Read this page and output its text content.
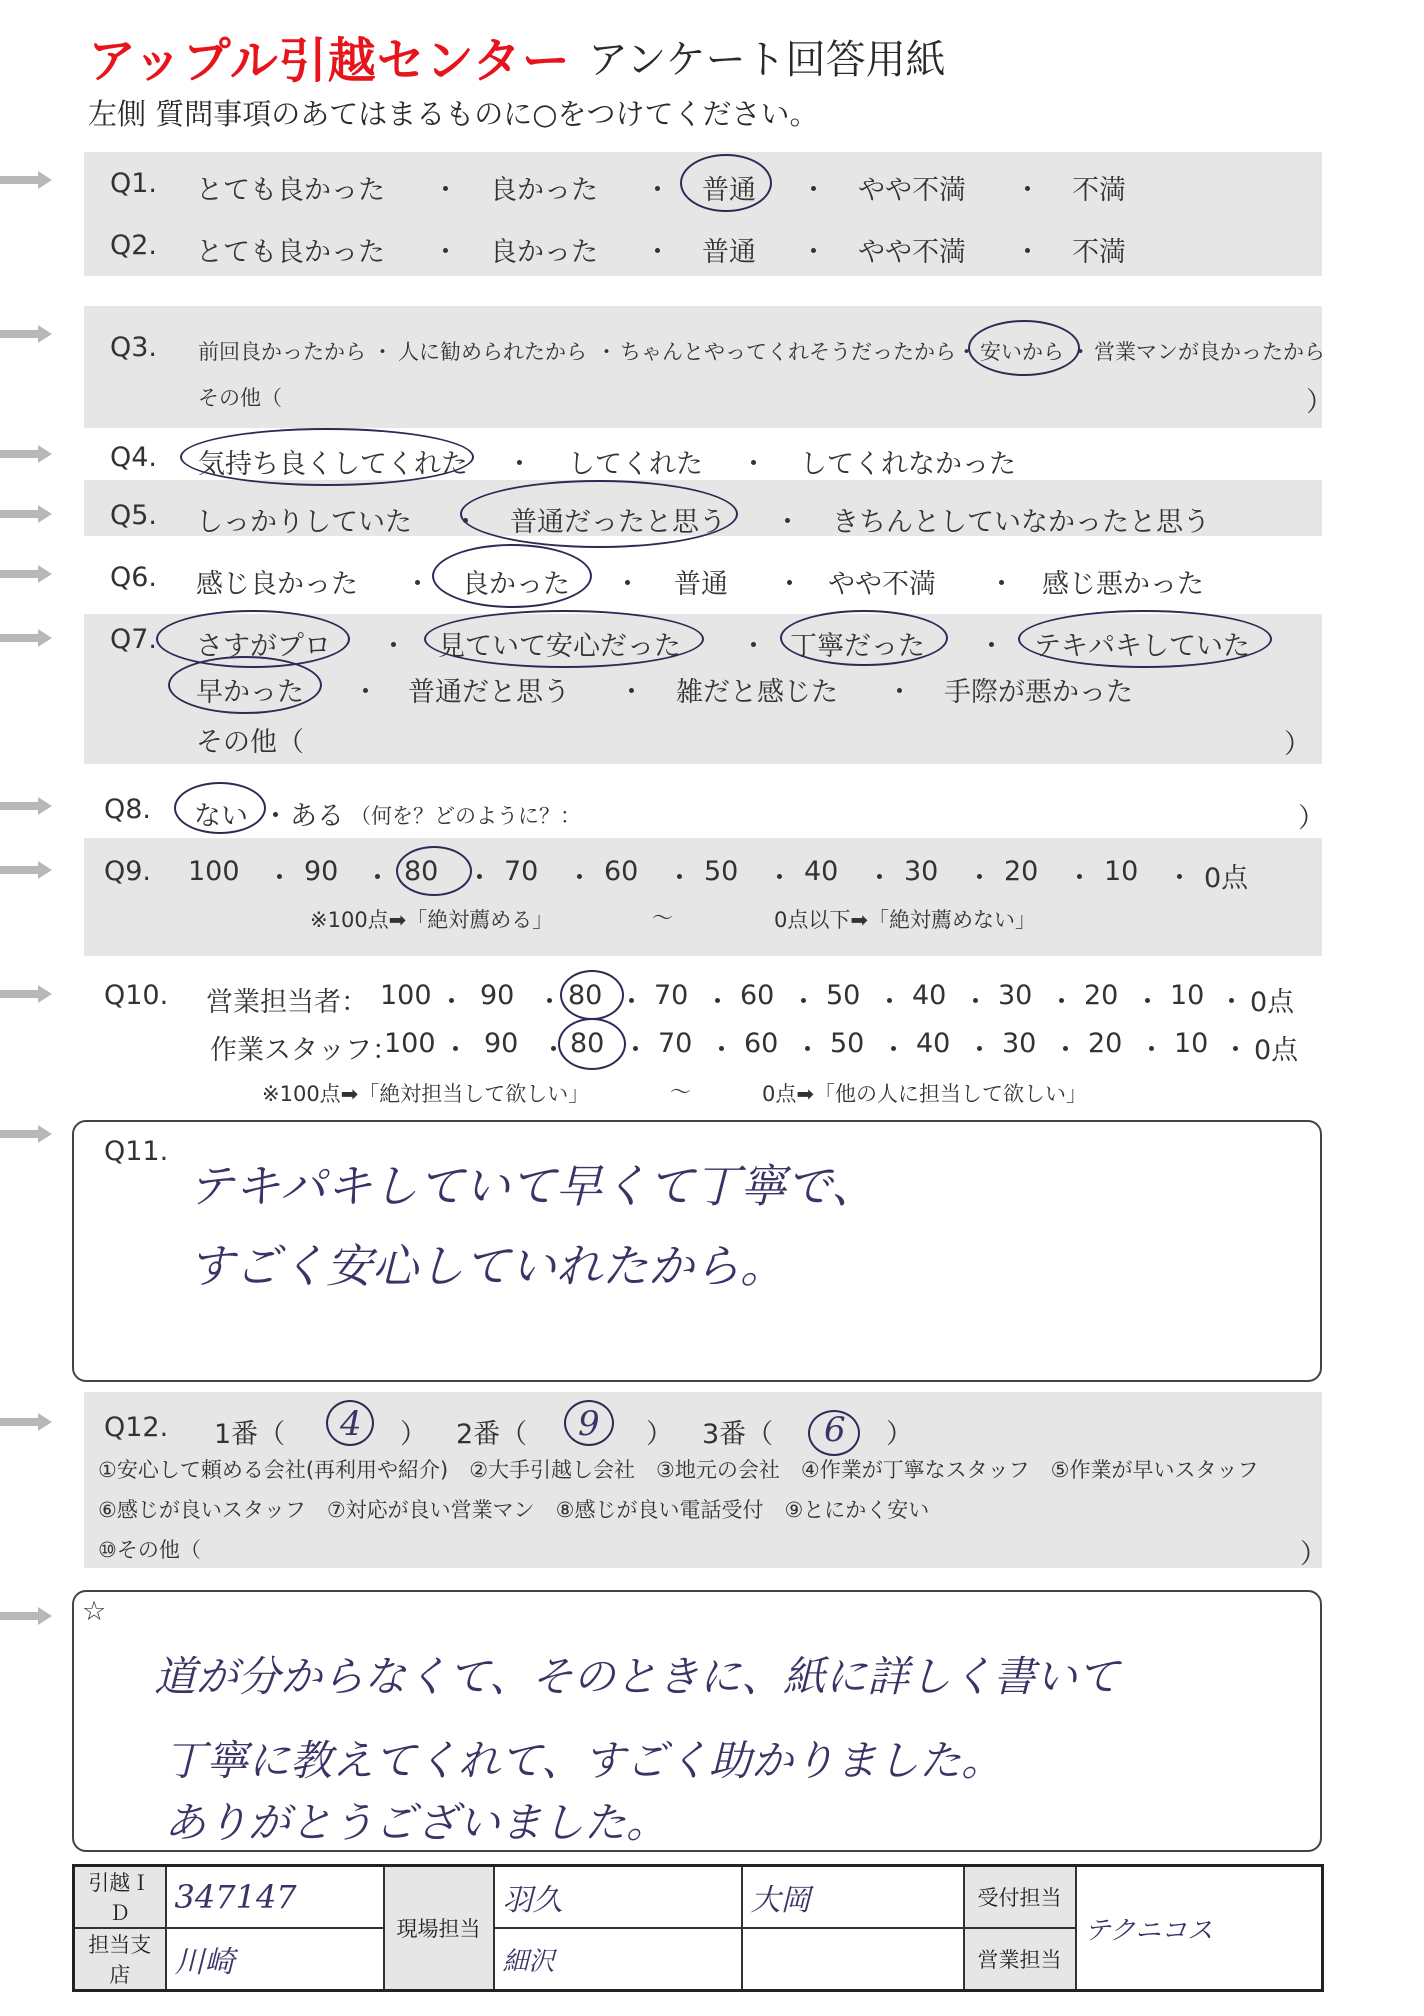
アップル引越センター アンケート回答用紙
左側 質問事項のあてはまるものに○をつけてください。
Q1. とても良かった ・ 良かった ・ 普通 ・ やや不満 ・ 不満
Q2. とても良かった ・ 良かった ・ 普通 ・ やや不満 ・ 不満
Q3. 前回良かったから ・ 人に勧められたから ・ ちゃんとやってくれそうだったから ・ 安いから ・ 営業マンが良かったから
その他（	）
Q4. 気持ち良くしてくれた ・ してくれた ・ してくれなかった
Q5. しっかりしていた ・ 普通だったと思う ・ きちんとしていなかったと思う
Q6. 感じ良かった ・ 良かった ・ 普通 ・ やや不満 ・ 感じ悪かった
Q7. さすがプロ ・ 見ていて安心だった ・ 丁寧だった ・ テキパキしていた
早かった ・ 普通だと思う ・ 雑だと感じた ・ 手際が悪かった
その他（	）
Q8. ない ・ ある （何を？どのように？：	）
Q9. 100 ・ 90 ・ 80 ・ 70 ・ 60 ・ 50 ・ 40 ・ 30 ・ 20 ・ 10 ・ 0点
※100点➡「絶対薦める」	〜	0点以下➡「絶対薦めない」
Q10. 営業担当者：
作業スタッフ：
100 ・ 90 ・ 80 ・ 70 ・ 60 ・ 50 ・ 40 ・ 30 ・ 20 ・ 10 ・ 0点
100 ・ 90 ・ 80 ・ 70 ・ 60 ・ 50 ・ 40 ・ 30 ・ 20 ・ 10 ・ 0点
※100点➡「絶対担当して欲しい」	〜	0点➡「他の人に担当して欲しい」
Q11.
テキパキしていて早くて丁寧で、
すごく安心していれたから。
Q12. 1番（ 4 ） 2番（ 9 ） 3番（ 6 ）
①安心して頼める会社(再利用や紹介)　②大手引越し会社　③地元の会社　④作業が丁寧なスタッフ　⑤作業が早いスタッフ
⑥感じが良いスタッフ　⑦対応が良い営業マン　⑧感じが良い電話受付　⑨とにかく安い
⑩その他（	）
☆
道が分からなくて、そのときに、紙に詳しく書いて
丁寧に教えてくれて、すごく助かりました。
ありがとうございました。
引越ＩＤ	347147	現場担当	羽久	大岡	受付担当	テクニコス
担当支店	川崎		細沢		営業担当	
